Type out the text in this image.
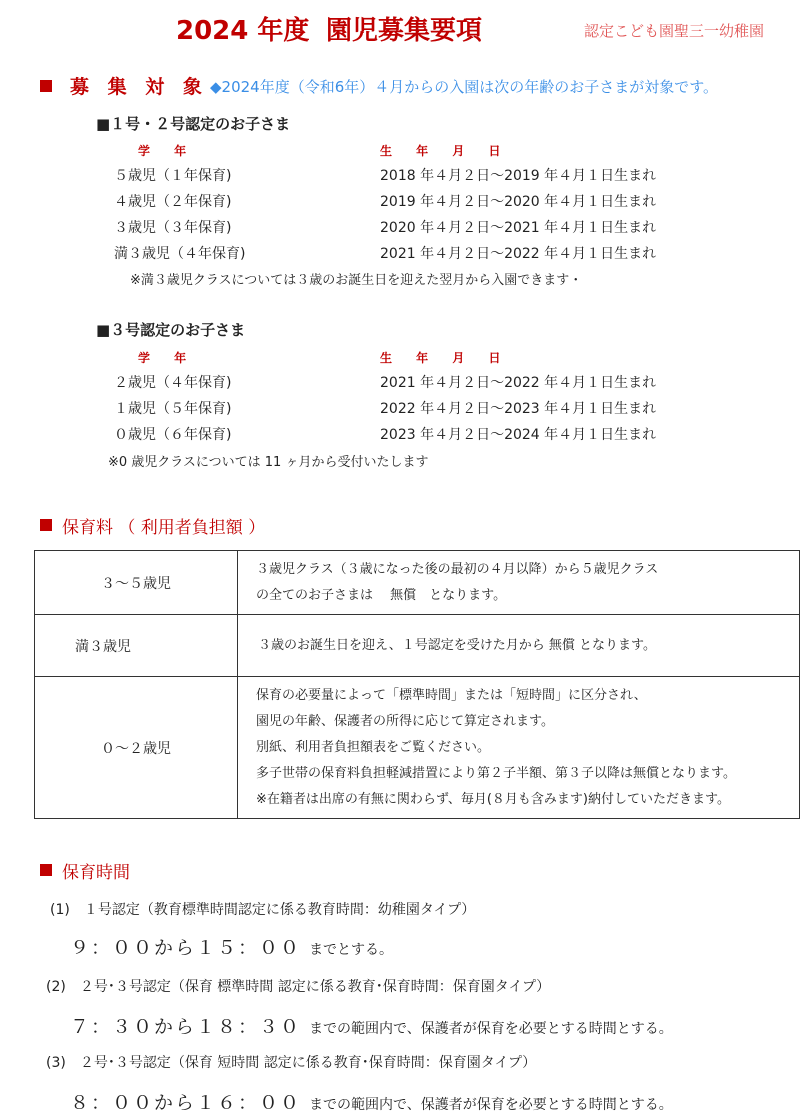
2024 年度 園児募集要項	認定こども園聖三一幼稚園
募 集 対 象 ◆2024年度（令和6年）４月からの入園は次の年齢のお子さまが対象です。
■１号・２号認定のお子さま
学 年	生 年 月 日
５歳児（１年保育)	2018 年４月２日～2019 年４月１日生まれ
４歳児（２年保育)	2019 年４月２日～2020 年４月１日生まれ
３歳児（３年保育)	2020 年４月２日～2021 年４月１日生まれ
満３歳児（４年保育)	2021 年４月２日～2022 年４月１日生まれ
※満３歳児クラスについては３歳のお誕生日を迎えた翌月から入園できます・
■３号認定のお子さま
学 年	生 年 月 日
２歳児（４年保育)	2021 年４月２日～2022 年４月１日生まれ
１歳児（５年保育)	2022 年４月２日～2023 年４月１日生まれ
０歳児（６年保育)	2023 年４月２日～2024 年４月１日生まれ
※0 歳児クラスについては 11 ヶ月から受付いたします
保育料 （ 利用者負担額 ）
３～５歳児	３歳児クラス（３歳になった後の最初の４月以降）から５歳児クラス
の全てのお子さまは　 無償　となります。

満３歳児	３歳のお誕生日を迎え、１号認定を受けた月から 無償 となります。

０～２歳児	保育の必要量によって「標準時間」または「短時間」に区分され、
園児の年齢、保護者の所得に応じて算定されます。
別紙、利用者負担額表をご覧ください。
多子世帯の保育料負担軽減措置により第２子半額、第３子以降は無償となります。
※在籍者は出席の有無に関わらず、毎月(８月も含みます)納付していただきます。
保育時間
(1)　１号認定（教育標準時間認定に係る教育時間：幼稚園タイプ）
９：００から１５：００ までとする。
(2)　２号･３号認定（保育 標準時間 認定に係る教育･保育時間：保育園タイプ）
７：３０から１８：３０ までの範囲内で、保護者が保育を必要とする時間とする。
(3)　２号･３号認定（保育 短時間 認定に係る教育･保育時間：保育園タイプ）
８：００から１６：００ までの範囲内で、保護者が保育を必要とする時間とする。
